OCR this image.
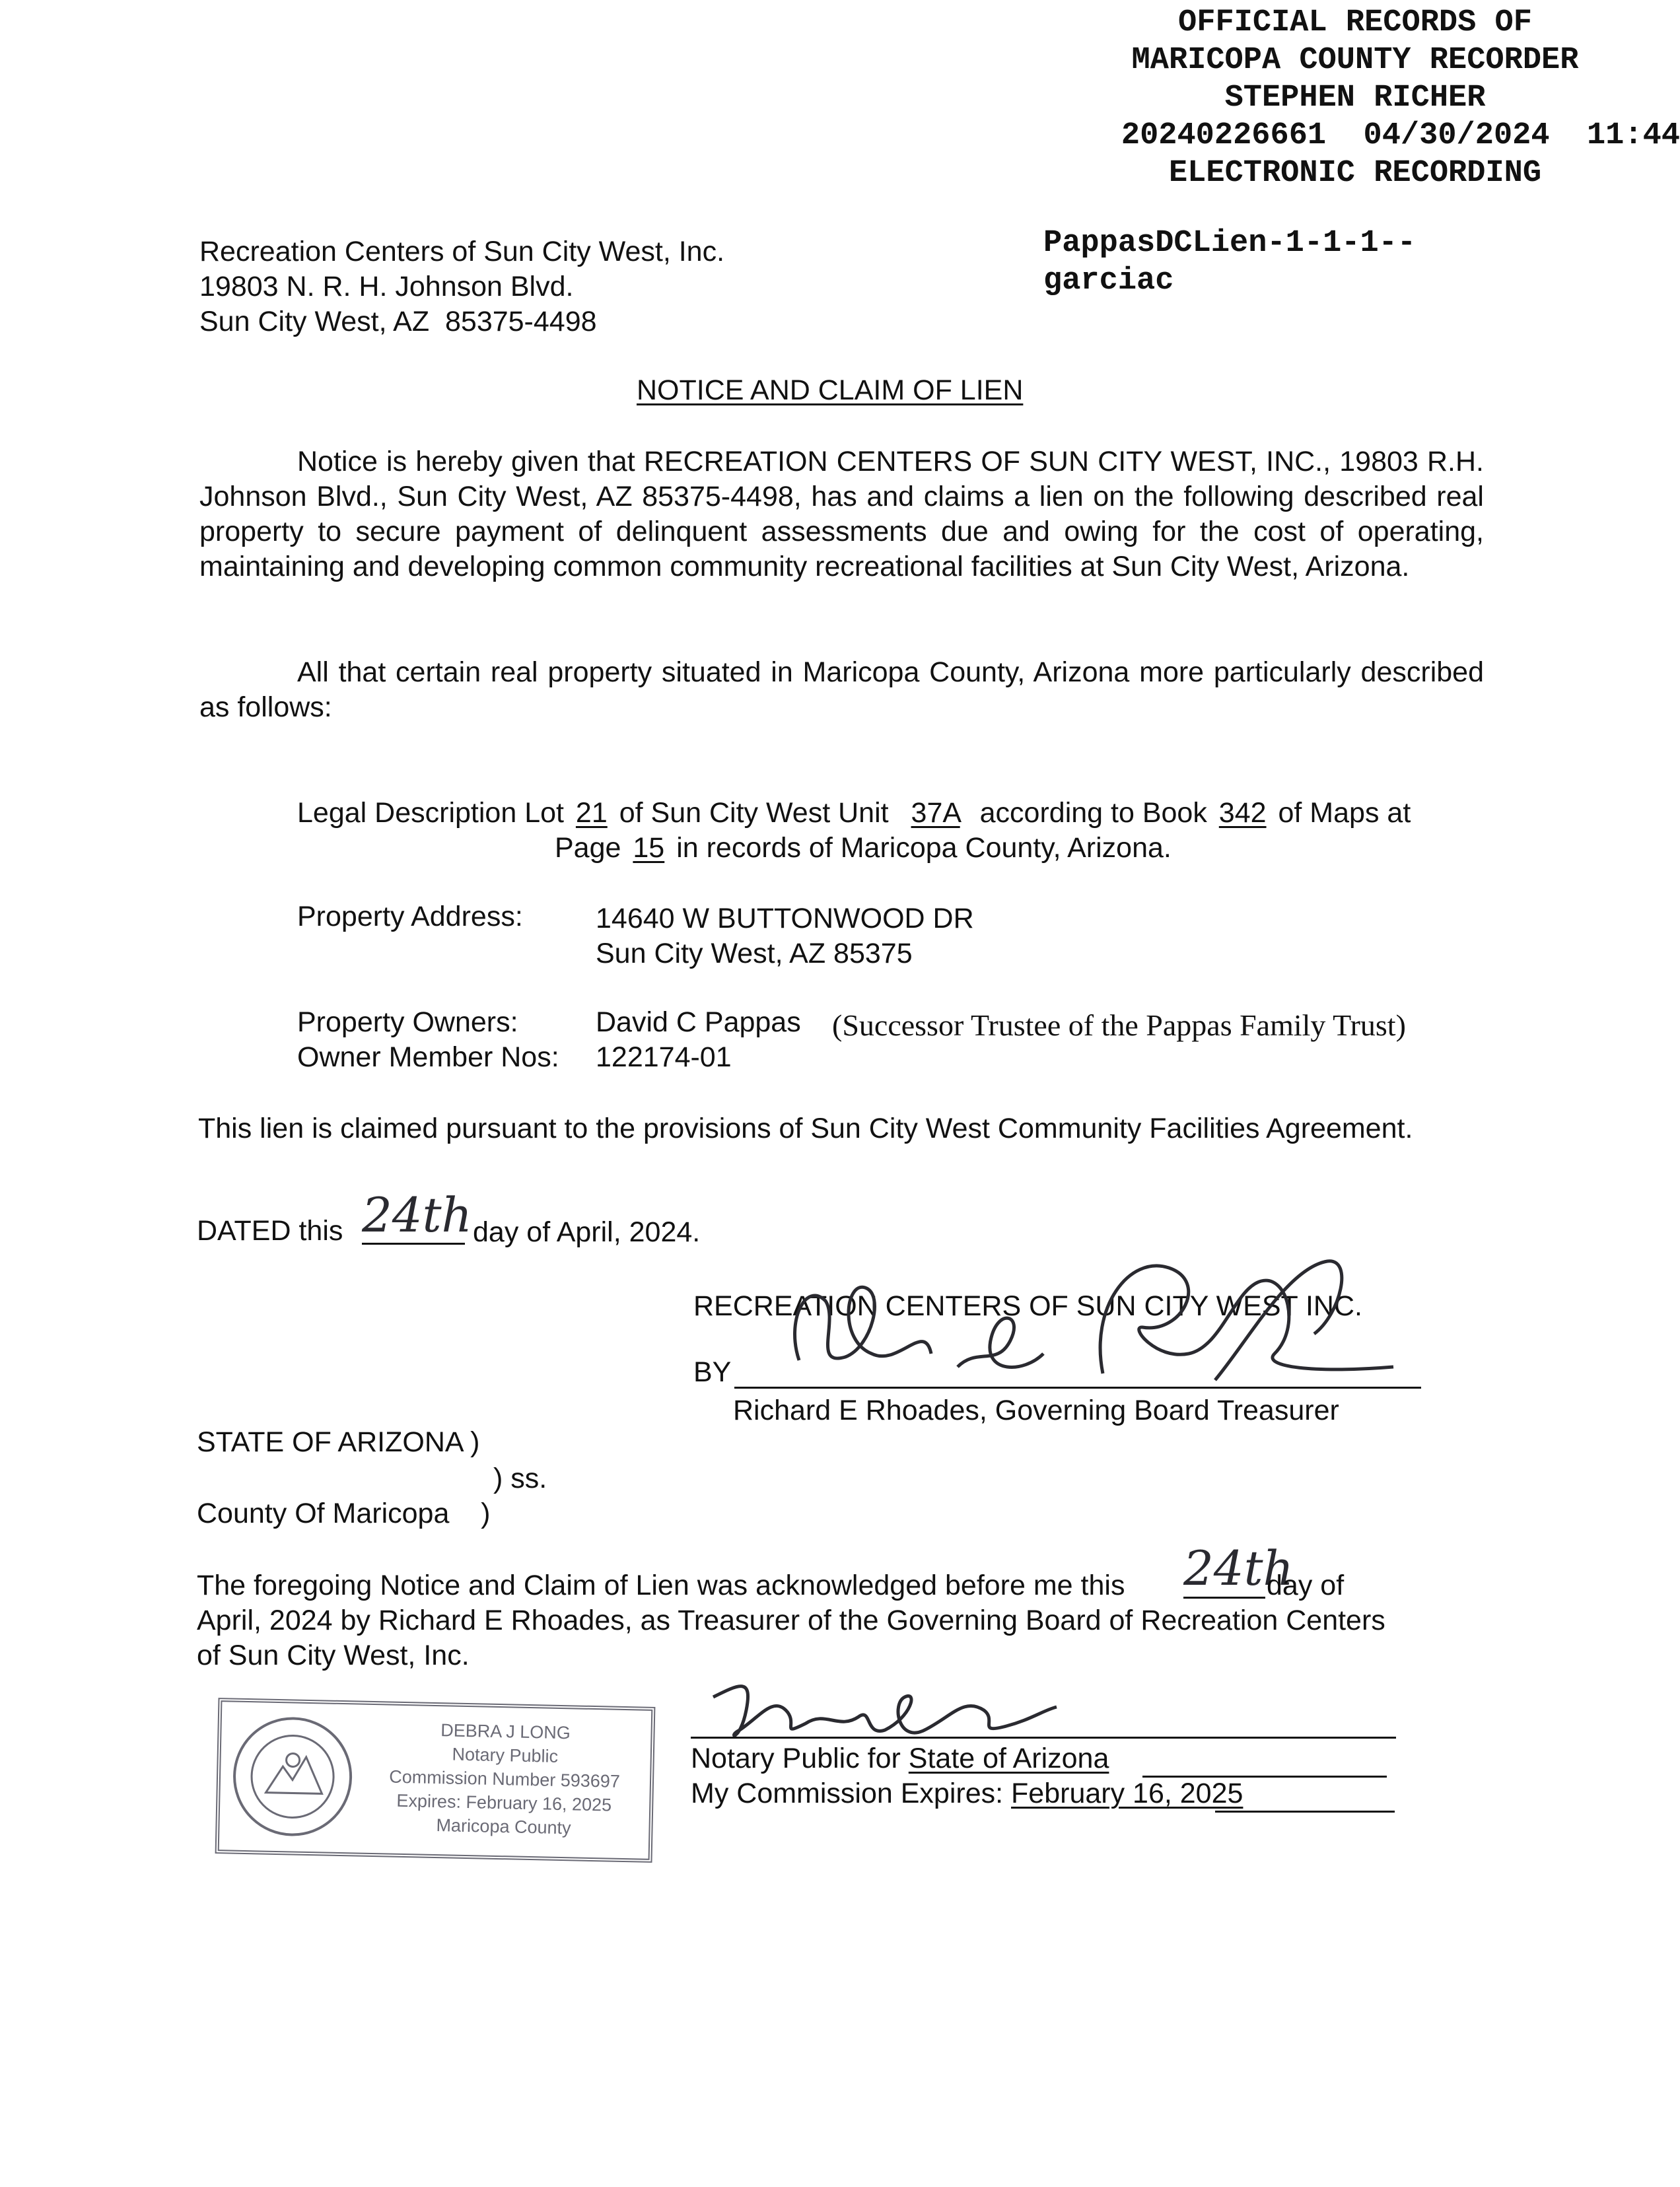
OFFICIAL RECORDS OF
MARICOPA COUNTY RECORDER
STEPHEN RICHER
20240226661  04/30/2024  11:44
ELECTRONIC RECORDING
Recreation Centers of Sun City West, Inc.
19803 N. R. H. Johnson Blvd.
Sun City West, AZ  85375-4498
PappasDCLien-1-1-1--
garciac
NOTICE AND CLAIM OF LIEN
Notice is hereby given that RECREATION CENTERS OF SUN CITY WEST, INC., 19803 R.H. Johnson Blvd., Sun City West, AZ 85375-4498, has and claims a lien on the following described real property to secure payment of delinquent assessments due and owing for the cost of operating, maintaining and developing common community recreational facilities at Sun City West, Arizona.
All that certain real property situated in Maricopa County, Arizona more particularly described as follows:
Legal Description Lot 21 of Sun City West Unit 37A according to Book 342 of Maps at
Page 15 in records of Maricopa County, Arizona.
Property Address:	14640 W BUTTONWOOD DR
Sun City West, AZ 85375
Property Owners:	David C Pappas (Successor Trustee of the Pappas Family Trust)
Owner Member Nos: 122174-01
This lien is claimed pursuant to the provisions of Sun City West Community Facilities Agreement.
DATED this 24th day of April, 2024.
RECREATION CENTERS OF SUN CITY WEST INC.
BY
Richard E Rhoades, Governing Board Treasurer
STATE OF ARIZONA )
) ss.
County Of Maricopa    )
The foregoing Notice and Claim of Lien was acknowledged before me this 24th
day of
April, 2024 by Richard E Rhoades, as Treasurer of the Governing Board of Recreation Centers
of Sun City West, Inc.
DEBRA J LONG
Notary Public
Commission Number 593697
Expires: February 16, 2025
Maricopa County
Notary Public for State of Arizona
My Commission Expires: February 16, 2025
